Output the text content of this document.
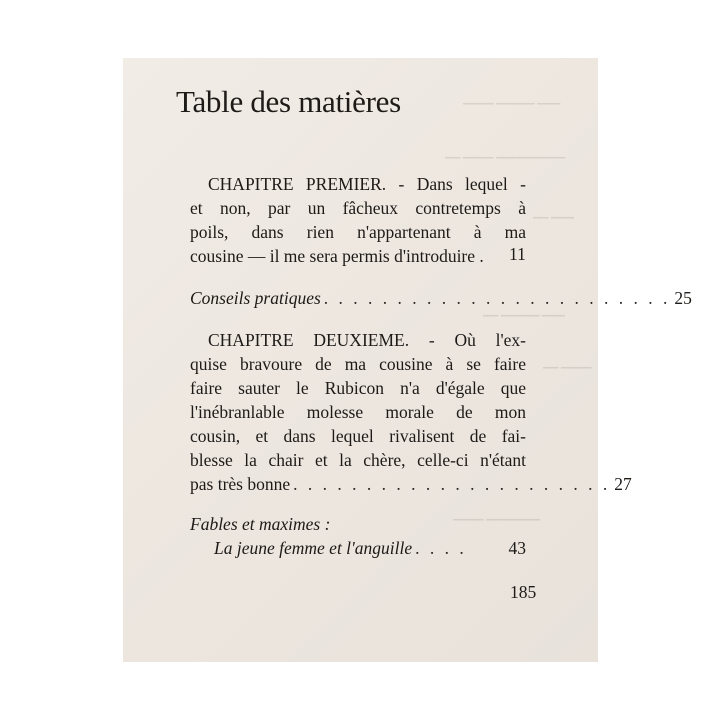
▁▁▁ ▁▁▁▁▁ ▁▁▁▁
▁▁▁▁▁▁▁▁▁ ▁▁▁▁ ▁▁
▁▁▁ ▁▁
▁▁▁ ▁▁▁▁▁ ▁▁
▁▁▁▁ ▁▁
▁▁▁▁▁▁▁ ▁▁▁▁
Table des matières
CHAPITRE PREMIER. - Dans lequel -
et non, par un fâcheux contretemps à
poils, dans rien n'appartenant à ma
cousine — il me sera permis d'introduire .	11
Conseils pratiques . . . . . . . . . . . . . . . . . . . . . . . . 25
CHAPITRE DEUXIEME. - Où l'ex-
quise bravoure de ma cousine à se faire
faire sauter le Rubicon n'a d'égale que
l'inébranlable molesse morale de mon
cousin, et dans lequel rivalisent de fai-
blesse la chair et la chère, celle-ci n'étant
pas très bonne . . . . . . . . . . . . . . . . . . . . . . 27
Fables et maximes :
La jeune femme et l'anguille . . . . 43
185
